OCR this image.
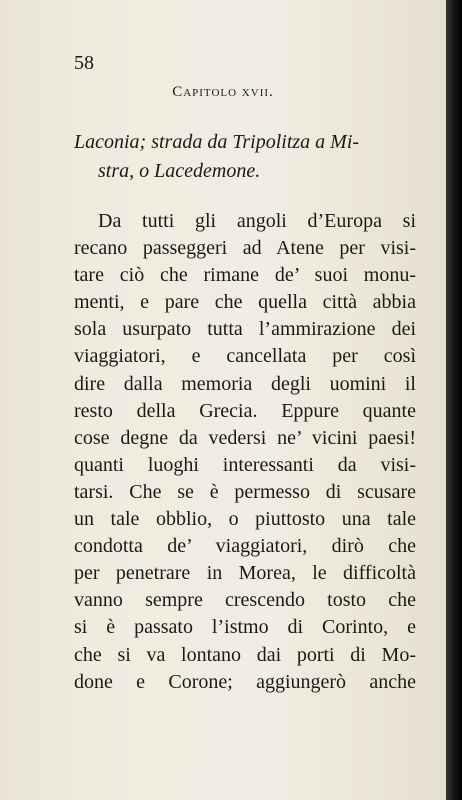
58
Capitolo xvii.
Laconia; strada da Tripolitza a Mi-
stra, o Lacedemone.
Da tutti gli angoli d’Europa si
recano passeggeri ad Atene per visi-
tare ciò che rimane de’ suoi monu-
menti, e pare che quella città abbia
sola usurpato tutta l’ammirazione dei
viaggiatori, e cancellata per così
dire dalla memoria degli uomini il
resto della Grecia. Eppure quante
cose degne da vedersi ne’ vicini paesi!
quanti luoghi interessanti da visi-
tarsi. Che se è permesso di scusare
un tale obblio, o piuttosto una tale
condotta de’ viaggiatori, dirò che
per penetrare in Morea, le difficoltà
vanno sempre crescendo tosto che
si è passato l’istmo di Corinto, e
che si va lontano dai porti di Mo-
done e Corone; aggiungerò anche
